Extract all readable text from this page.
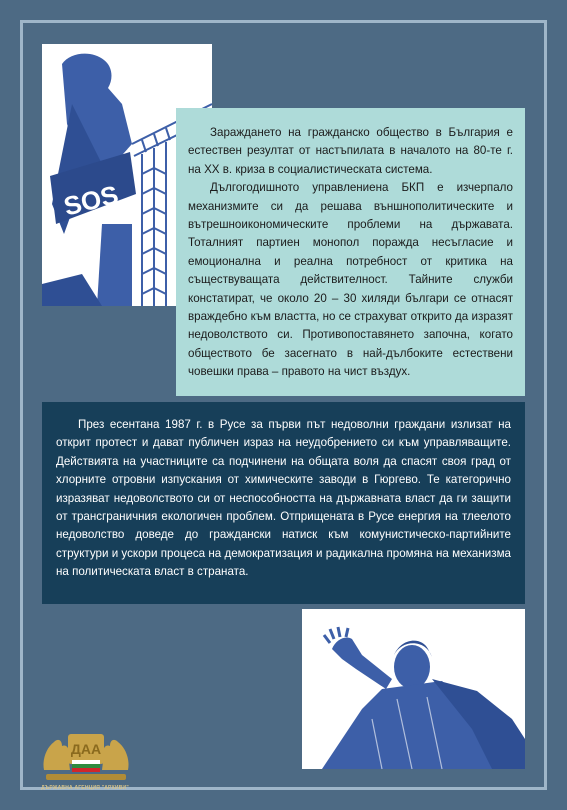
SOS

Зараждането на гражданско общество в България е естествен резултат от настъпилата в началото на 80-те г. на XX в. криза в социалистическата система.

Дългогодишното управлениена БКП е изчерпало механизмите си да решава външнополитическите и вътрешноикономическите проблеми на държавата. Тоталният партиен монопол поражда несъгласие и емоционална и реална потребност от критика на съществуващата действителност. Тайните служби констатират, че около 20 – 30 хиляди българи се отнасят враждебно към властта, но се страхуват открито да изразят недоволството си. Противопоставянето започна, когато обществото бе засегнато в най-дълбоките естествени човешки права – правото на чист въздух.

През есентана 1987 г. в Русе за първи път недоволни граждани излизат на открит протест и дават публичен израз на неудобрението си към управляващите. Действията на участниците са подчинени на общата воля да спасят своя град от хлорните отровни изпускания от химическите заводи в Гюргево. Те категорично изразяват недоволството си от неспособността на държавната власт да ги защити от трансграничния екологичен проблем. Отприщената в Русе енергия на тлеелото недоволство доведе до граждански натиск към комунистическо-партийните структури и ускори процеса на демократизация и радикална промяна на механизма на политическата власт в страната.

ДАА
ДЪРЖАВНА АГЕНЦИЯ "АРХИВИ"
